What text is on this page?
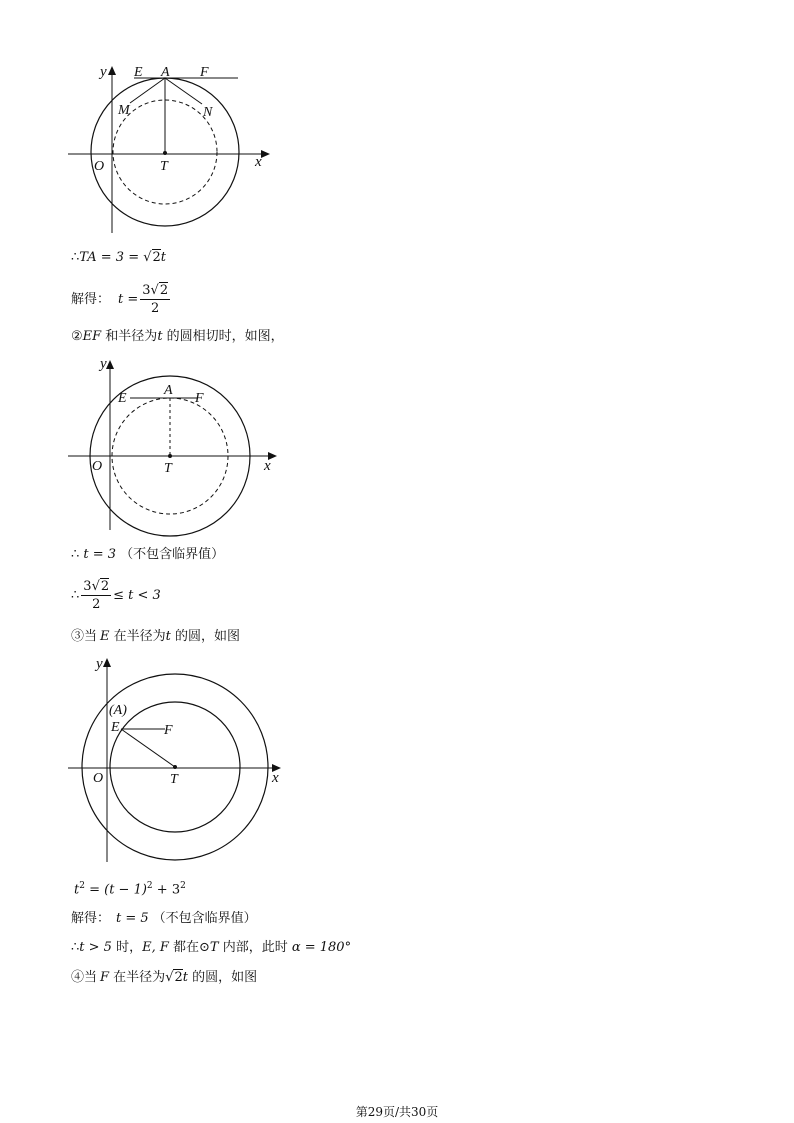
y
x
O
E A F
M	N
T
∴TA = 3 = √2t
解得： $t = \frac{3√2}{2}$
②EF 和半径为t 的圆相切时，如图，
y
x
O
E
A
F
T
∴ t = 3 （不包含临界值）
∴ $\frac{3√2}{2} \le t < 3$
③当 E 在半径为t 的圆，如图
y
x
O
(A)
E	F
T
$t^2 = (t - 1)^2 + 3^2$
解得： t = 5 （不包含临界值）
∴t > 5 时，E, F 都在⊙T 内部，此时 α = 180°
④当 F 在半径为√2t 的圆，如图
第29页/共30页
